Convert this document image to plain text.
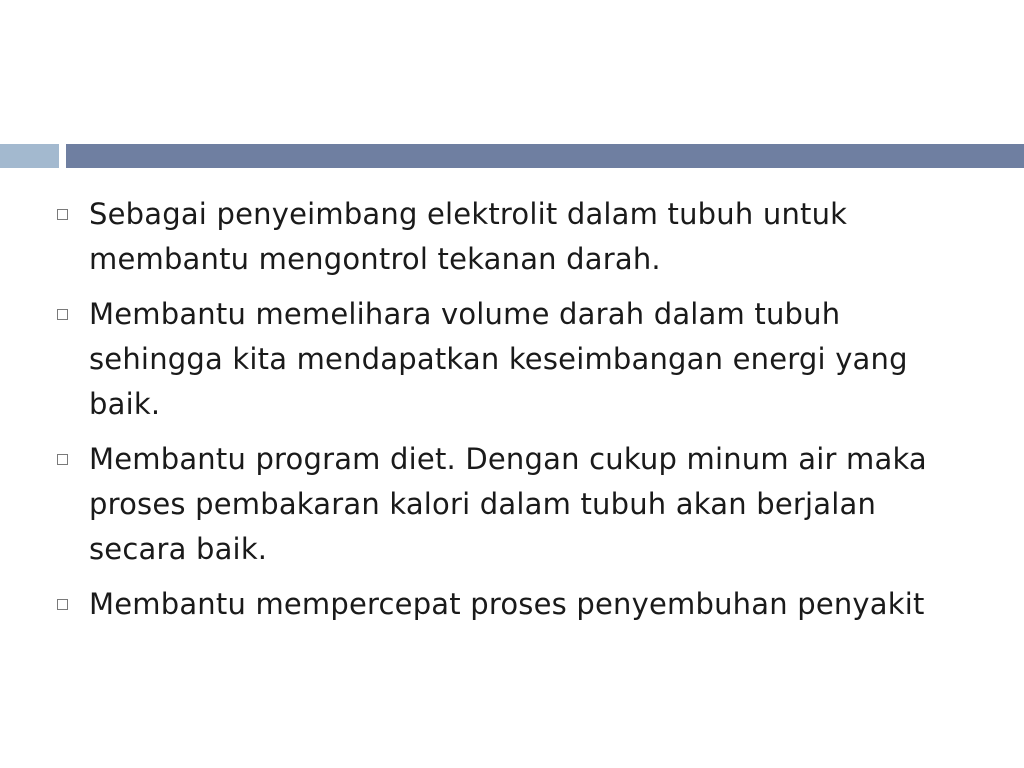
Sebagai penyeimbang elektrolit dalam tubuh untuk membantu mengontrol tekanan darah.
Membantu memelihara volume darah dalam tubuh sehingga kita mendapatkan keseimbangan energi yang baik.
Membantu program diet. Dengan cukup minum air maka proses pembakaran kalori dalam tubuh akan berjalan secara baik.
Membantu mempercepat proses penyembuhan penyakit
